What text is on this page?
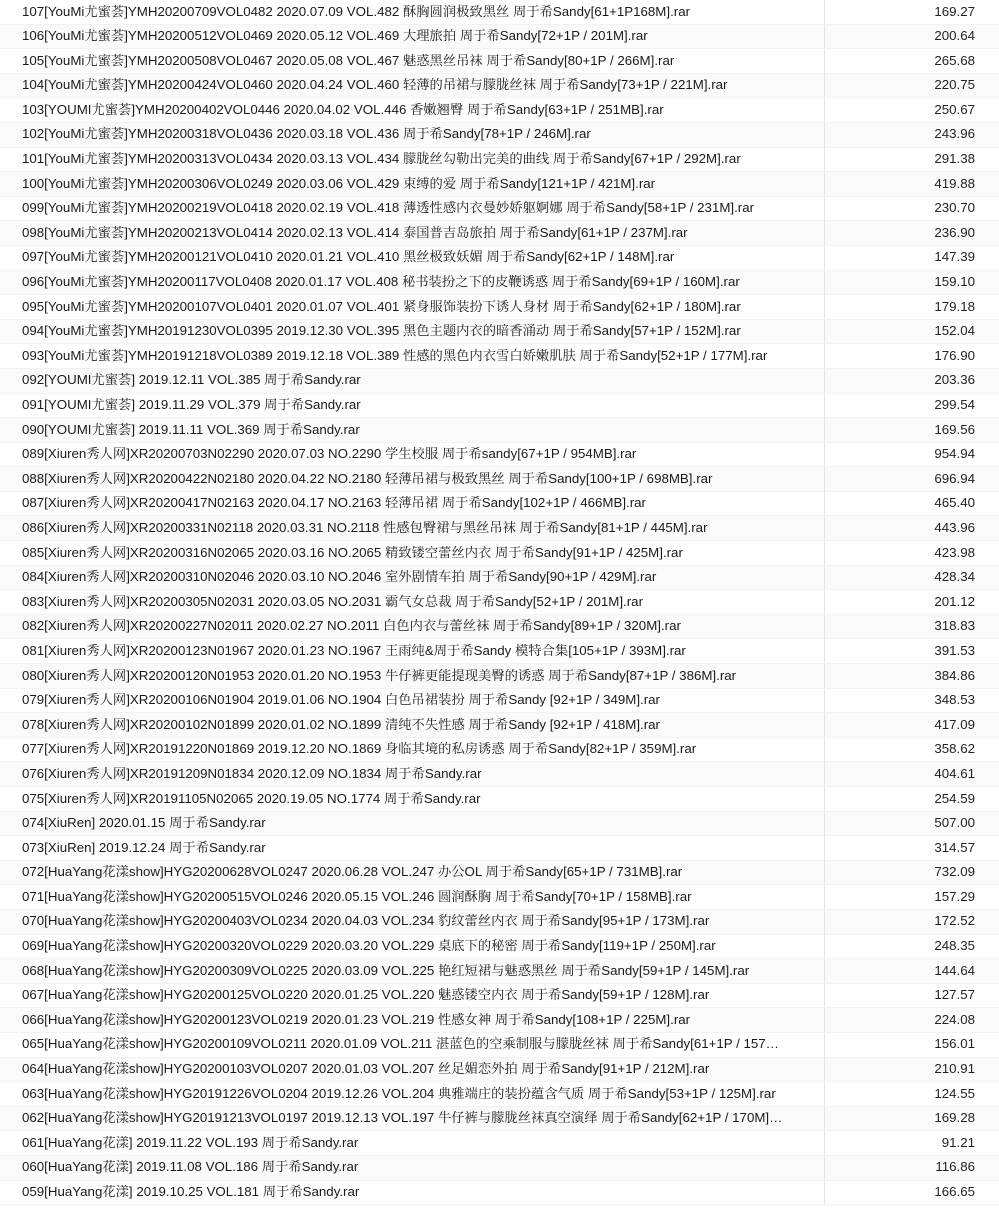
107[YouMi尤蜜荟]YMH20200709VOL0482 2020.07.09 VOL.482 酥胸圆润极致黑丝 周于希Sandy[61+1P168M].rar	169.27
106[YouMi尤蜜荟]YMH20200512VOL0469 2020.05.12 VOL.469 大理旅拍 周于希Sandy[72+1P / 201M].rar	200.64
105[YouMi尤蜜荟]YMH20200508VOL0467 2020.05.08 VOL.467 魅惑黑丝吊袜 周于希Sandy[80+1P / 266M].rar	265.68
104[YouMi尤蜜荟]YMH20200424VOL0460 2020.04.24 VOL.460 轻薄的吊裙与朦胧丝袜 周于希Sandy[73+1P / 221M].rar	220.75
103[YOUMI尤蜜荟]YMH20200402VOL0446 2020.04.02 VOL.446 香嫩翘臀 周于希Sandy[63+1P / 251MB].rar	250.67
102[YouMi尤蜜荟]YMH20200318VOL0436 2020.03.18 VOL.436 周于希Sandy[78+1P / 246M].rar	243.96
101[YouMi尤蜜荟]YMH20200313VOL0434 2020.03.13 VOL.434 朦胧丝勾勒出完美的曲线 周于希Sandy[67+1P / 292M].rar	291.38
100[YouMi尤蜜荟]YMH20200306VOL0249 2020.03.06 VOL.429 束缚的爱 周于希Sandy[121+1P / 421M].rar	419.88
099[YouMi尤蜜荟]YMH20200219VOL0418 2020.02.19 VOL.418 薄透性感内衣曼妙娇躯婀娜 周于希Sandy[58+1P / 231M].rar	230.70
098[YouMi尤蜜荟]YMH20200213VOL0414 2020.02.13 VOL.414 泰国普吉岛旅拍 周于希Sandy[61+1P / 237M].rar	236.90
097[YouMi尤蜜荟]YMH20200121VOL0410 2020.01.21 VOL.410 黑丝极致妖媚 周于希Sandy[62+1P / 148M].rar	147.39
096[YouMi尤蜜荟]YMH20200117VOL0408 2020.01.17 VOL.408 秘书装扮之下的皮鞭诱惑 周于希Sandy[69+1P / 160M].rar	159.10
095[YouMi尤蜜荟]YMH20200107VOL0401 2020.01.07 VOL.401 紧身服饰装扮下诱人身材 周于希Sandy[62+1P / 180M].rar	179.18
094[YouMi尤蜜荟]YMH20191230VOL0395 2019.12.30 VOL.395 黑色主题内衣的暗香涌动 周于希Sandy[57+1P / 152M].rar	152.04
093[YouMi尤蜜荟]YMH20191218VOL0389 2019.12.18 VOL.389 性感的黑色内衣雪白娇嫩肌肤 周于希Sandy[52+1P / 177M].rar	176.90
092[YOUMI尤蜜荟] 2019.12.11 VOL.385 周于希Sandy.rar	203.36
091[YOUMI尤蜜荟] 2019.11.29 VOL.379 周于希Sandy.rar	299.54
090[YOUMI尤蜜荟] 2019.11.11 VOL.369 周于希Sandy.rar	169.56
089[Xiuren秀人网]XR20200703N02290 2020.07.03 NO.2290 学生校服 周于希sandy[67+1P / 954MB].rar	954.94
088[Xiuren秀人网]XR20200422N02180 2020.04.22 NO.2180 轻薄吊裙与极致黑丝 周于希Sandy[100+1P / 698MB].rar	696.94
087[Xiuren秀人网]XR20200417N02163 2020.04.17 NO.2163 轻薄吊裙 周于希Sandy[102+1P / 466MB].rar	465.40
086[Xiuren秀人网]XR20200331N02118 2020.03.31 NO.2118 性感包臀裙与黑丝吊袜 周于希Sandy[81+1P / 445M].rar	443.96
085[Xiuren秀人网]XR20200316N02065 2020.03.16 NO.2065 精致镂空蕾丝内衣 周于希Sandy[91+1P / 425M].rar	423.98
084[Xiuren秀人网]XR20200310N02046 2020.03.10 NO.2046 室外剧情车拍 周于希Sandy[90+1P / 429M].rar	428.34
083[Xiuren秀人网]XR20200305N02031 2020.03.05 NO.2031 霸气女总裁 周于希Sandy[52+1P / 201M].rar	201.12
082[Xiuren秀人网]XR20200227N02011 2020.02.27 NO.2011 白色内衣与蕾丝袜 周于希Sandy[89+1P / 320M].rar	318.83
081[Xiuren秀人网]XR20200123N01967 2020.01.23 NO.1967 王雨纯&周于希Sandy 模特合集[105+1P / 393M].rar	391.53
080[Xiuren秀人网]XR20200120N01953 2020.01.20 NO.1953 牛仔裤更能提现美臀的诱惑 周于希Sandy[87+1P / 386M].rar	384.86
079[Xiuren秀人网]XR20200106N01904 2019.01.06 NO.1904 白色吊裙装扮 周于希Sandy [92+1P / 349M].rar	348.53
078[Xiuren秀人网]XR20200102N01899 2020.01.02 NO.1899 清纯不失性感 周于希Sandy [92+1P / 418M].rar	417.09
077[Xiuren秀人网]XR20191220N01869 2019.12.20 NO.1869 身临其境的私房诱惑 周于希Sandy[82+1P / 359M].rar	358.62
076[Xiuren秀人网]XR20191209N01834 2020.12.09 NO.1834 周于希Sandy.rar	404.61
075[Xiuren秀人网]XR20191105N02065 2020.19.05 NO.1774 周于希Sandy.rar	254.59
074[XiuRen] 2020.01.15 周于希Sandy.rar	507.00
073[XiuRen] 2019.12.24 周于希Sandy.rar	314.57
072[HuaYang花漾show]HYG20200628VOL0247 2020.06.28 VOL.247 办公OL 周于希Sandy[65+1P / 731MB].rar	732.09
071[HuaYang花漾show]HYG20200515VOL0246 2020.05.15 VOL.246 圆润酥胸 周于希Sandy[70+1P / 158MB].rar	157.29
070[HuaYang花漾show]HYG20200403VOL0234 2020.04.03 VOL.234 豹纹蕾丝内衣 周于希Sandy[95+1P / 173M].rar	172.52
069[HuaYang花漾show]HYG20200320VOL0229 2020.03.20 VOL.229 桌底下的秘密 周于希Sandy[119+1P / 250M].rar	248.35
068[HuaYang花漾show]HYG20200309VOL0225 2020.03.09 VOL.225 艳红短裙与魅惑黑丝 周于希Sandy[59+1P / 145M].rar	144.64
067[HuaYang花漾show]HYG20200125VOL0220 2020.01.25 VOL.220 魅惑镂空内衣 周于希Sandy[59+1P / 128M].rar	127.57
066[HuaYang花漾show]HYG20200123VOL0219 2020.01.23 VOL.219 性感女神 周于希Sandy[108+1P / 225M].rar	224.08
065[HuaYang花漾show]HYG20200109VOL0211 2020.01.09 VOL.211 湛蓝色的空乘制服与朦胧丝袜 周于希Sandy[61+1P / 157…	156.01
064[HuaYang花漾show]HYG20200103VOL0207 2020.01.03 VOL.207 丝足媚恋外拍 周于希Sandy[91+1P / 212M].rar	210.91
063[HuaYang花漾show]HYG20191226VOL0204 2019.12.26 VOL.204 典雅端庄的装扮蕴含气质 周于希Sandy[53+1P / 125M].rar	124.55
062[HuaYang花漾show]HYG20191213VOL0197 2019.12.13 VOL.197 牛仔裤与朦胧丝袜真空演绎 周于希Sandy[62+1P / 170M]…	169.28
061[HuaYang花漾] 2019.11.22 VOL.193 周于希Sandy.rar	91.21
060[HuaYang花漾] 2019.11.08 VOL.186 周于希Sandy.rar	116.86
059[HuaYang花漾] 2019.10.25 VOL.181 周于希Sandy.rar	166.65
